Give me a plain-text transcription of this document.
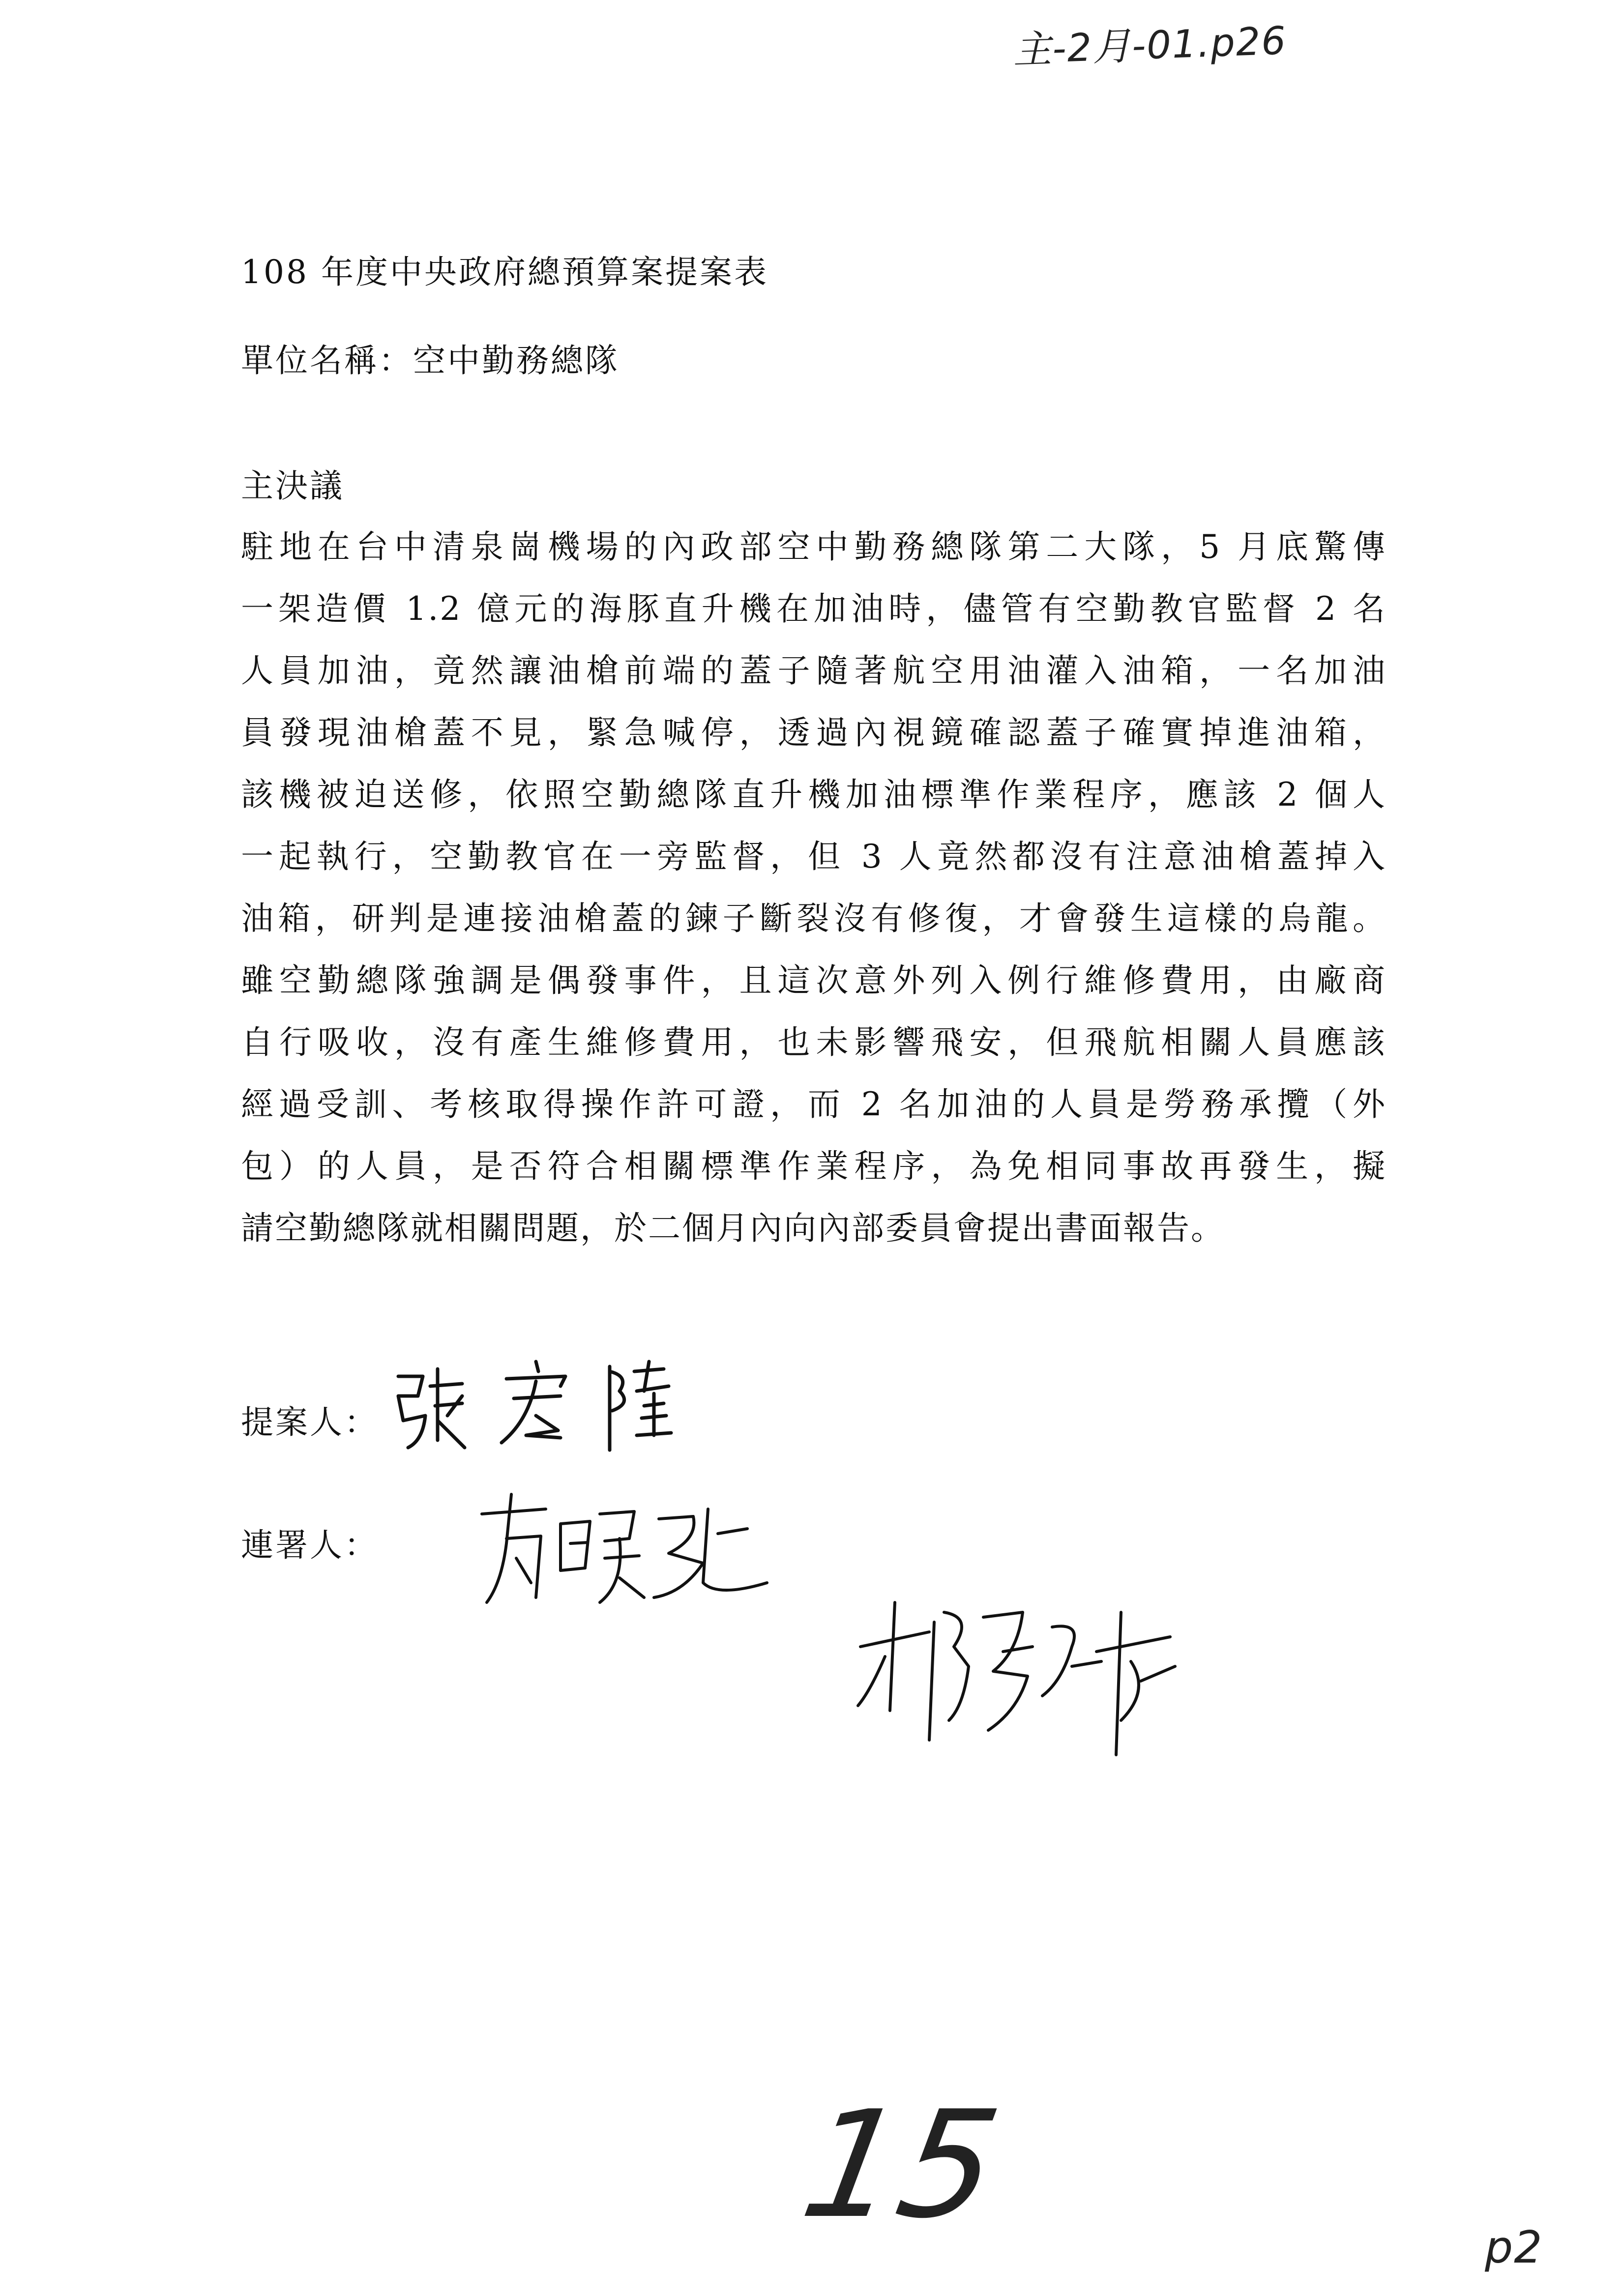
主-2月-01.p26
108 年度中央政府總預算案提案表
單位名稱：空中勤務總隊
主決議
駐地在台中清泉崗機場的內政部空中勤務總隊第二大隊，5 月底驚傳
一架造價 1.2 億元的海豚直升機在加油時，儘管有空勤教官監督 2 名
人員加油，竟然讓油槍前端的蓋子隨著航空用油灌入油箱，一名加油
員發現油槍蓋不見，緊急喊停，透過內視鏡確認蓋子確實掉進油箱，
該機被迫送修，依照空勤總隊直升機加油標準作業程序，應該 2 個人
一起執行，空勤教官在一旁監督，但 3 人竟然都沒有注意油槍蓋掉入
油箱，研判是連接油槍蓋的鍊子斷裂沒有修復，才會發生這樣的烏龍。
雖空勤總隊強調是偶發事件，且這次意外列入例行維修費用，由廠商
自行吸收，沒有產生維修費用，也未影響飛安，但飛航相關人員應該
經過受訓、考核取得操作許可證，而 2 名加油的人員是勞務承攬（外
包）的人員，是否符合相關標準作業程序，為免相同事故再發生，擬
請空勤總隊就相關問題，於二個月內向內部委員會提出書面報告。
提案人：
連署人：
15	p2
